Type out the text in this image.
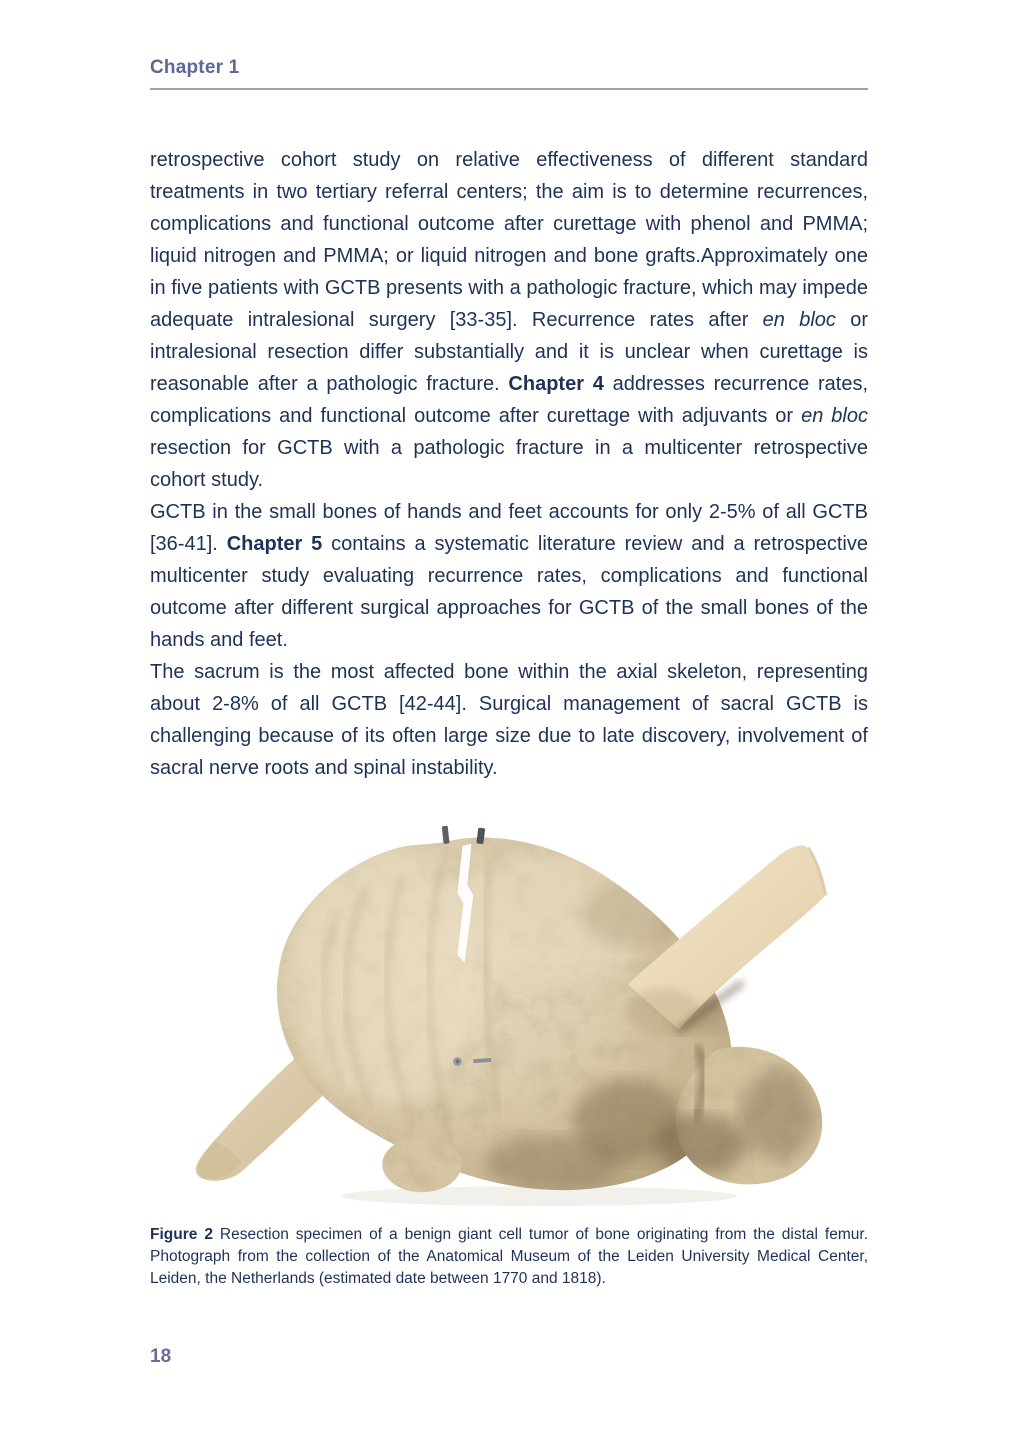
Chapter 1

retrospective cohort study on relative effectiveness of different standard treatments in two tertiary referral centers; the aim is to determine recurrences, complications and functional outcome after curettage with phenol and PMMA; liquid nitrogen and PMMA; or liquid nitrogen and bone grafts.Approximately one in five patients with GCTB presents with a pathologic fracture, which may impede adequate intralesional surgery [33-35]. Recurrence rates after en bloc or intralesional resection differ substantially and it is unclear when curettage is reasonable after a pathologic fracture. Chapter 4 addresses recurrence rates, complications and functional outcome after curettage with adjuvants or en bloc resection for GCTB with a pathologic fracture in a multicenter retrospective cohort study.

GCTB in the small bones of hands and feet accounts for only 2-5% of all GCTB [36-41]. Chapter 5 contains a systematic literature review and a retrospective multicenter study evaluating recurrence rates, complications and functional outcome after different surgical approaches for GCTB of the small bones of the hands and feet.

The sacrum is the most affected bone within the axial skeleton, representing about 2-8% of all GCTB [42-44]. Surgical management of sacral GCTB is challenging because of its often large size due to late discovery, involvement of sacral nerve roots and spinal instability.

Figure 2 Resection specimen of a benign giant cell tumor of bone originating from the distal femur. Photograph from the collection of the Anatomical Museum of the Leiden University Medical Center, Leiden, the Netherlands (estimated date between 1770 and 1818).
18
